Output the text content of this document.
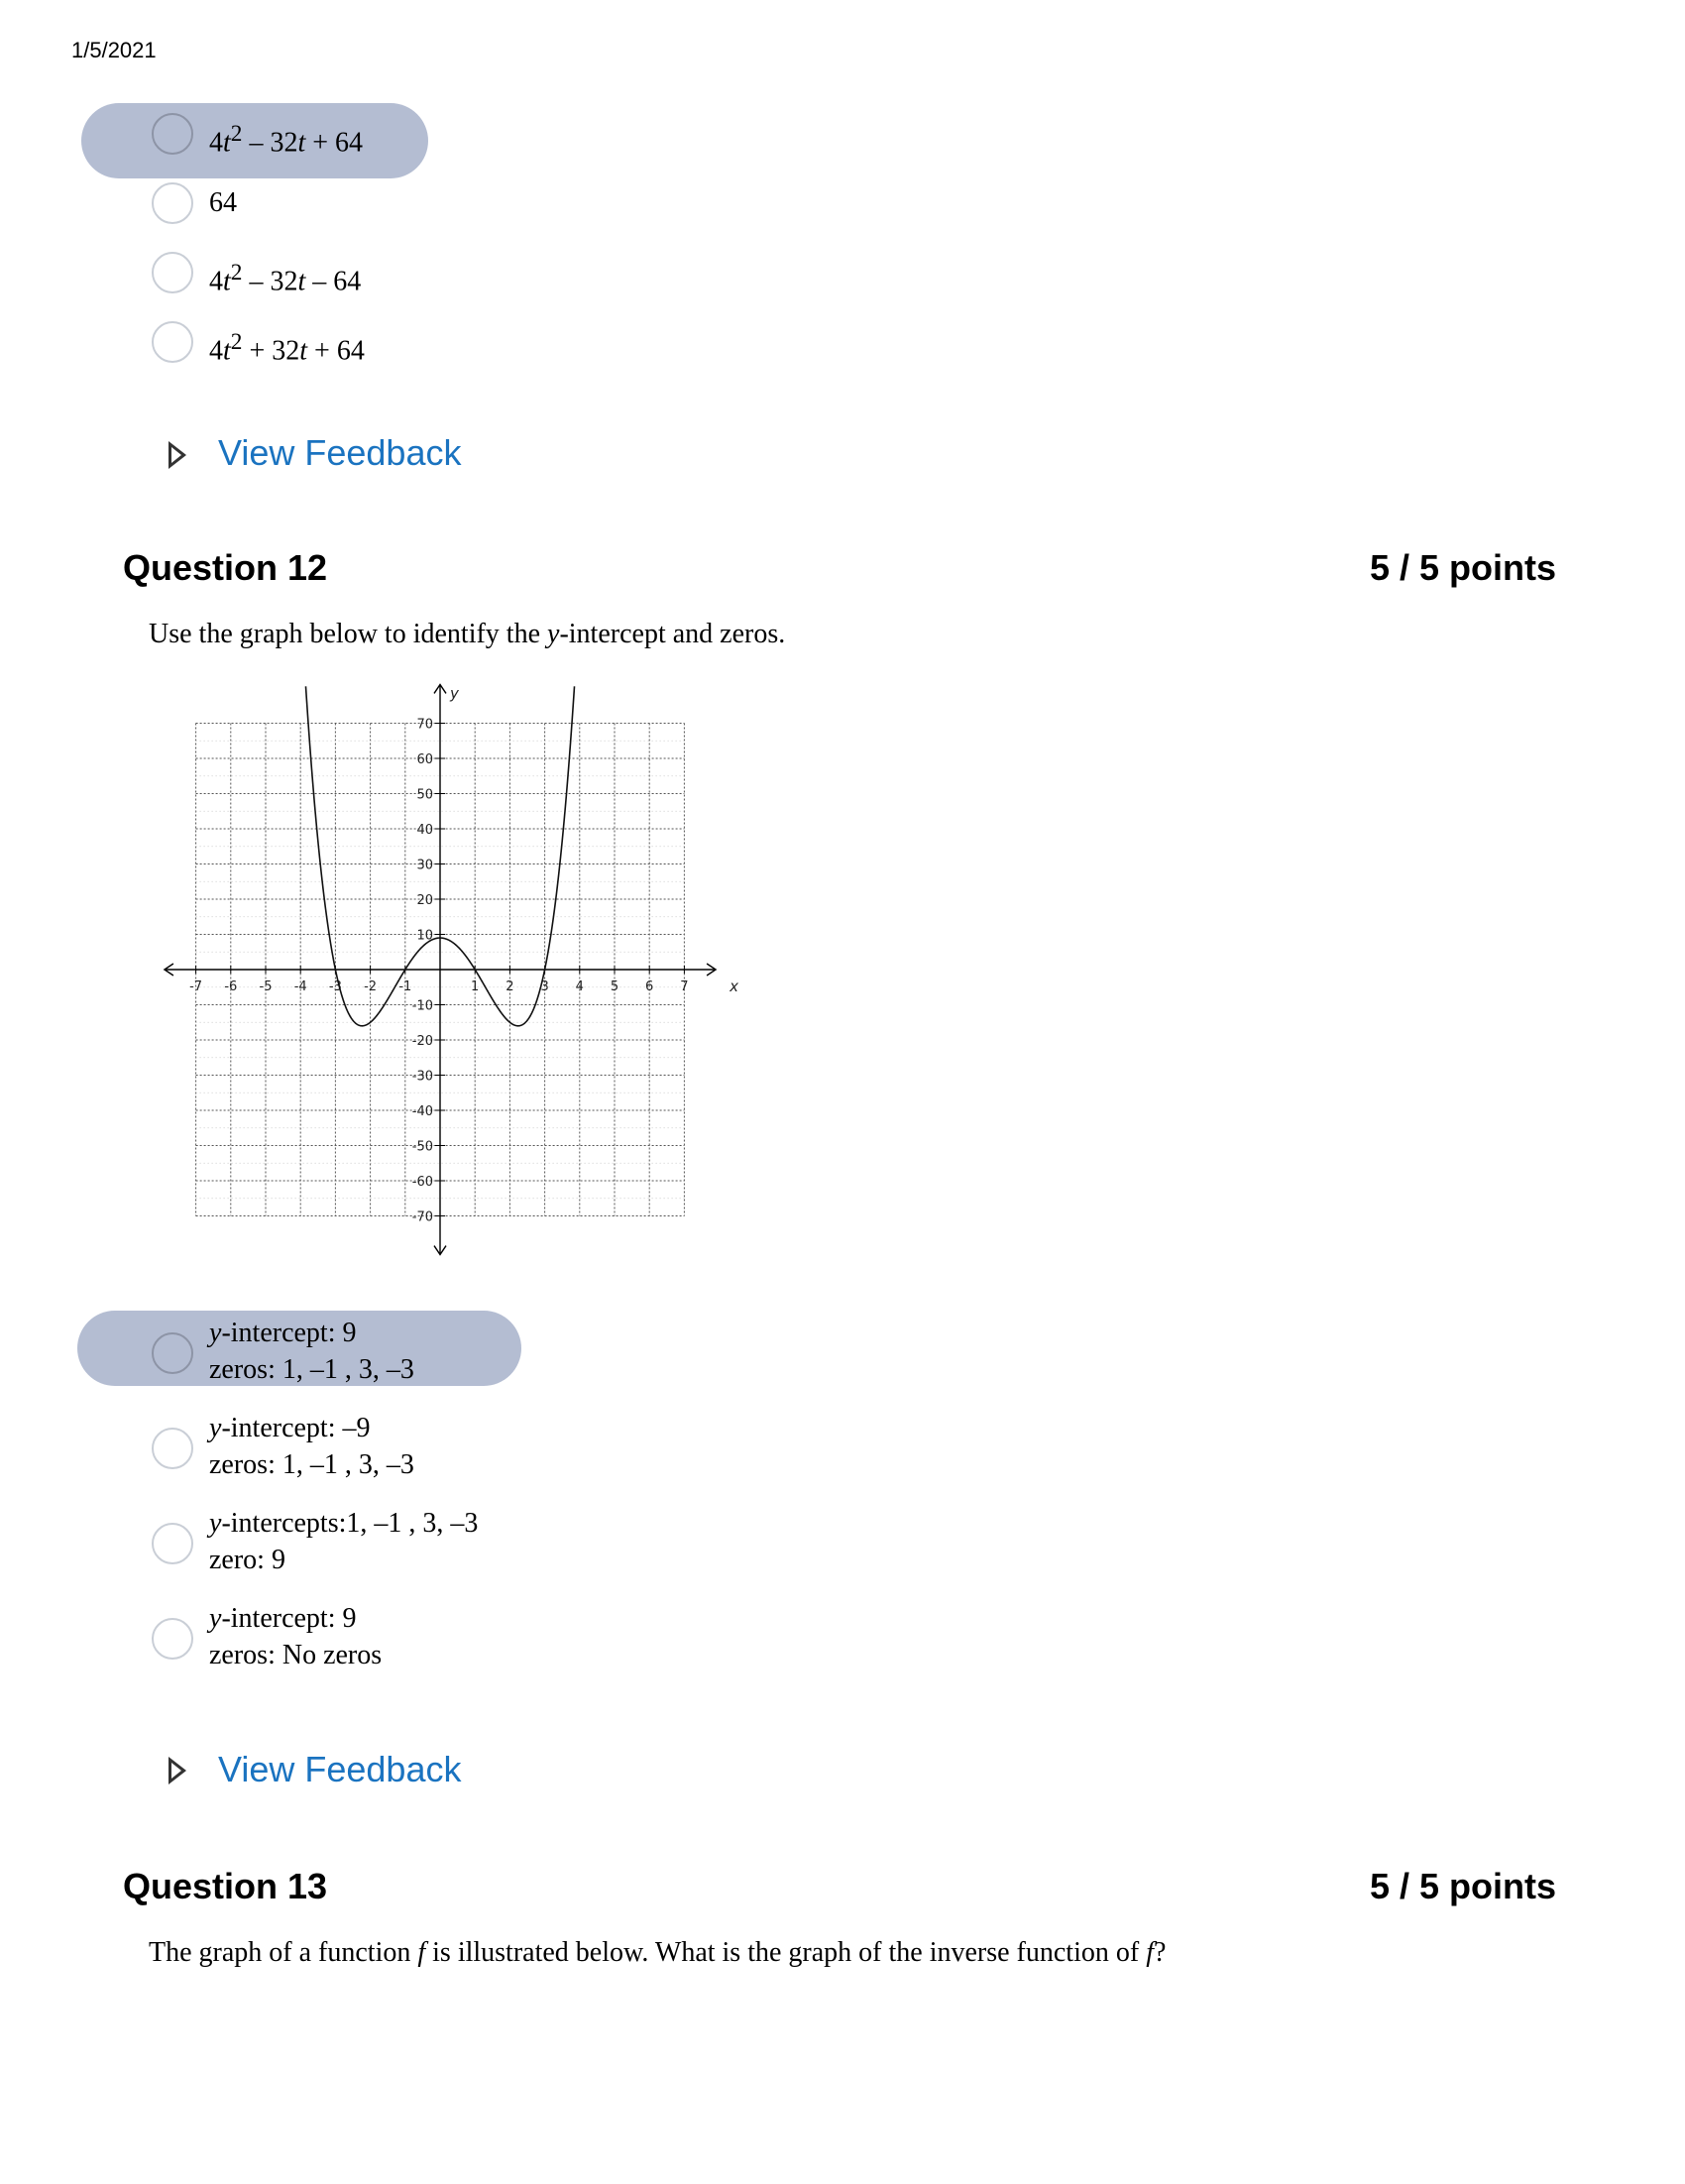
1/5/2021
$4t^2 - 32t + 64$
64
$4t^2 - 32t - 64$
$4t^2 + 32t + 64$
View Feedback
Question 12	5 / 5 points
Use the graph below to identify the y-intercept and zeros.
-7 -6 -5 -4 -3 -2 -1	1 2 3 4 5 6 7
70
60
50
40
30
20
10
-10
-20
-30
-40
-50
-60
-70
x
y
y-intercept: 9
zeros: 1, –1 , 3, –3
y-intercept: –9
zeros: 1, –1 , 3, –3
y-intercepts:1, –1 , 3, –3
zero: 9
y-intercept: 9
zeros: No zeros
View Feedback
Question 13	5 / 5 points
The graph of a function f is illustrated below. What is the graph of the inverse function of f?
